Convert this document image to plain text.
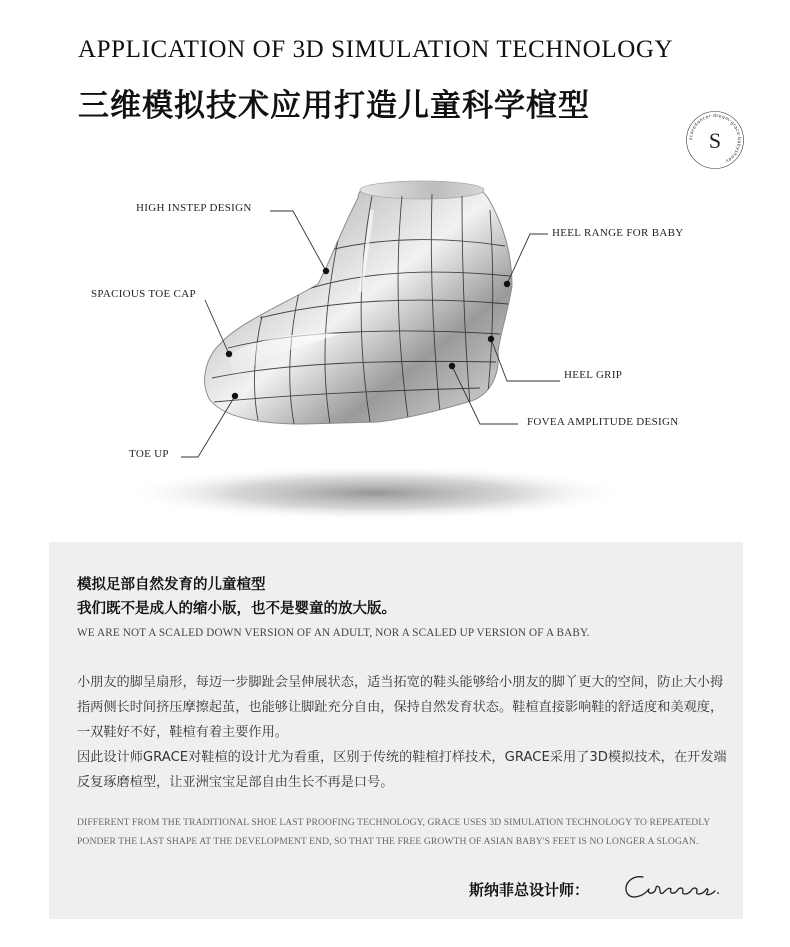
APPLICATION OF 3D SIMULATION TECHNOLOGY
三维模拟技术应用打造儿童科学楦型
scaredancer·dream·grace·babyshoes·
S
HIGH INSTEP DESIGN
SPACIOUS TOE CAP
TOE UP
HEEL RANGE FOR BABY
HEEL GRIP
FOVEA AMPLITUDE DESIGN
模拟足部自然发育的儿童楦型
我们既不是成人的缩小版，也不是婴童的放大版。
WE ARE NOT A SCALED DOWN VERSION OF AN ADULT, NOR A SCALED UP VERSION OF A BABY.

小朋友的脚呈扇形，每迈一步脚趾会呈伸展状态，适当拓宽的鞋头能够给小朋友的脚丫更大的空间，防止大小拇指两侧长时间挤压摩擦起茧，也能够让脚趾充分自由，保持自然发育状态。鞋楦直接影响鞋的舒适度和美观度，一双鞋好不好，鞋楦有着主要作用。

因此设计师GRACE对鞋楦的设计尤为看重，区别于传统的鞋楦打样技术，GRACE采用了3D模拟技术，在开发端反复琢磨楦型，让亚洲宝宝足部自由生长不再是口号。

DIFFERENT FROM THE TRADITIONAL SHOE LAST PROOFING TECHNOLOGY, GRACE USES 3D SIMULATION TECHNOLOGY TO REPEATEDLY PONDER THE LAST SHAPE AT THE DEVELOPMENT END, SO THAT THE FREE GROWTH OF ASIAN BABY'S FEET IS NO LONGER A SLOGAN.
斯纳菲总设计师：
